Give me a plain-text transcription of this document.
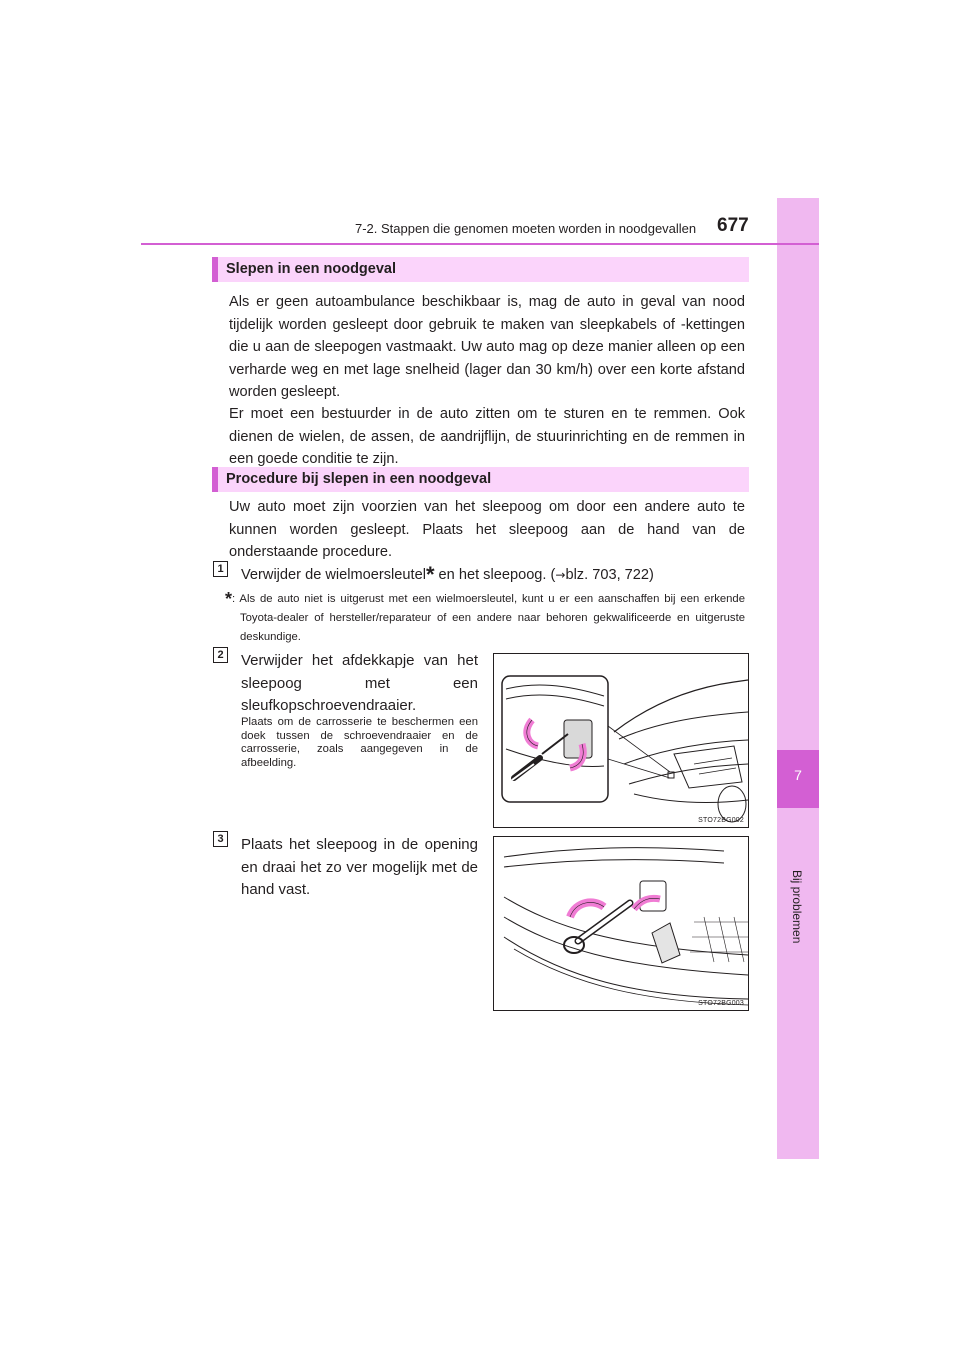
7
Bij problemen
7-2. Stappen die genomen moeten worden in noodgevallen 677
Slepen in een noodgeval

Als er geen autoambulance beschikbaar is, mag de auto in geval van nood tijdelijk worden gesleept door gebruik te maken van sleepkabels of -kettingen die u aan de sleepogen vastmaakt. Uw auto mag op deze manier alleen op een verharde weg en met lage snelheid (lager dan 30 km/h) over een korte afstand worden gesleept.

Er moet een bestuurder in de auto zitten om te sturen en te remmen. Ook dienen de wielen, de assen, de aandrijflijn, de stuurinrichting en de remmen in een goede conditie te zijn.

Procedure bij slepen in een noodgeval

Uw auto moet zijn voorzien van het sleepoog om door een andere auto te kunnen worden gesleept. Plaats het sleepoog aan de hand van de onderstaande procedure.

1	Verwijder de wielmoersleutel* en het sleepoog. (→blz. 703, 722)
*: Als de auto niet is uitgerust met een wielmoersleutel, kunt u er een aanschaffen bij een erkende Toyota-dealer of hersteller/reparateur of een andere naar behoren gekwalificeerde en uitgeruste deskundige.
2 Verwijder het afdekkapje van het sleepoog met een sleufkopschroevendraaier.

Plaats om de carrosserie te beschermen een doek tussen de schroevendraaier en de carrosserie, zoals aangegeven in de afbeelding.

STO72BG002
3 Plaats het sleepoog in de opening en draai het zo ver mogelijk met de hand vast.

STO72BG003
